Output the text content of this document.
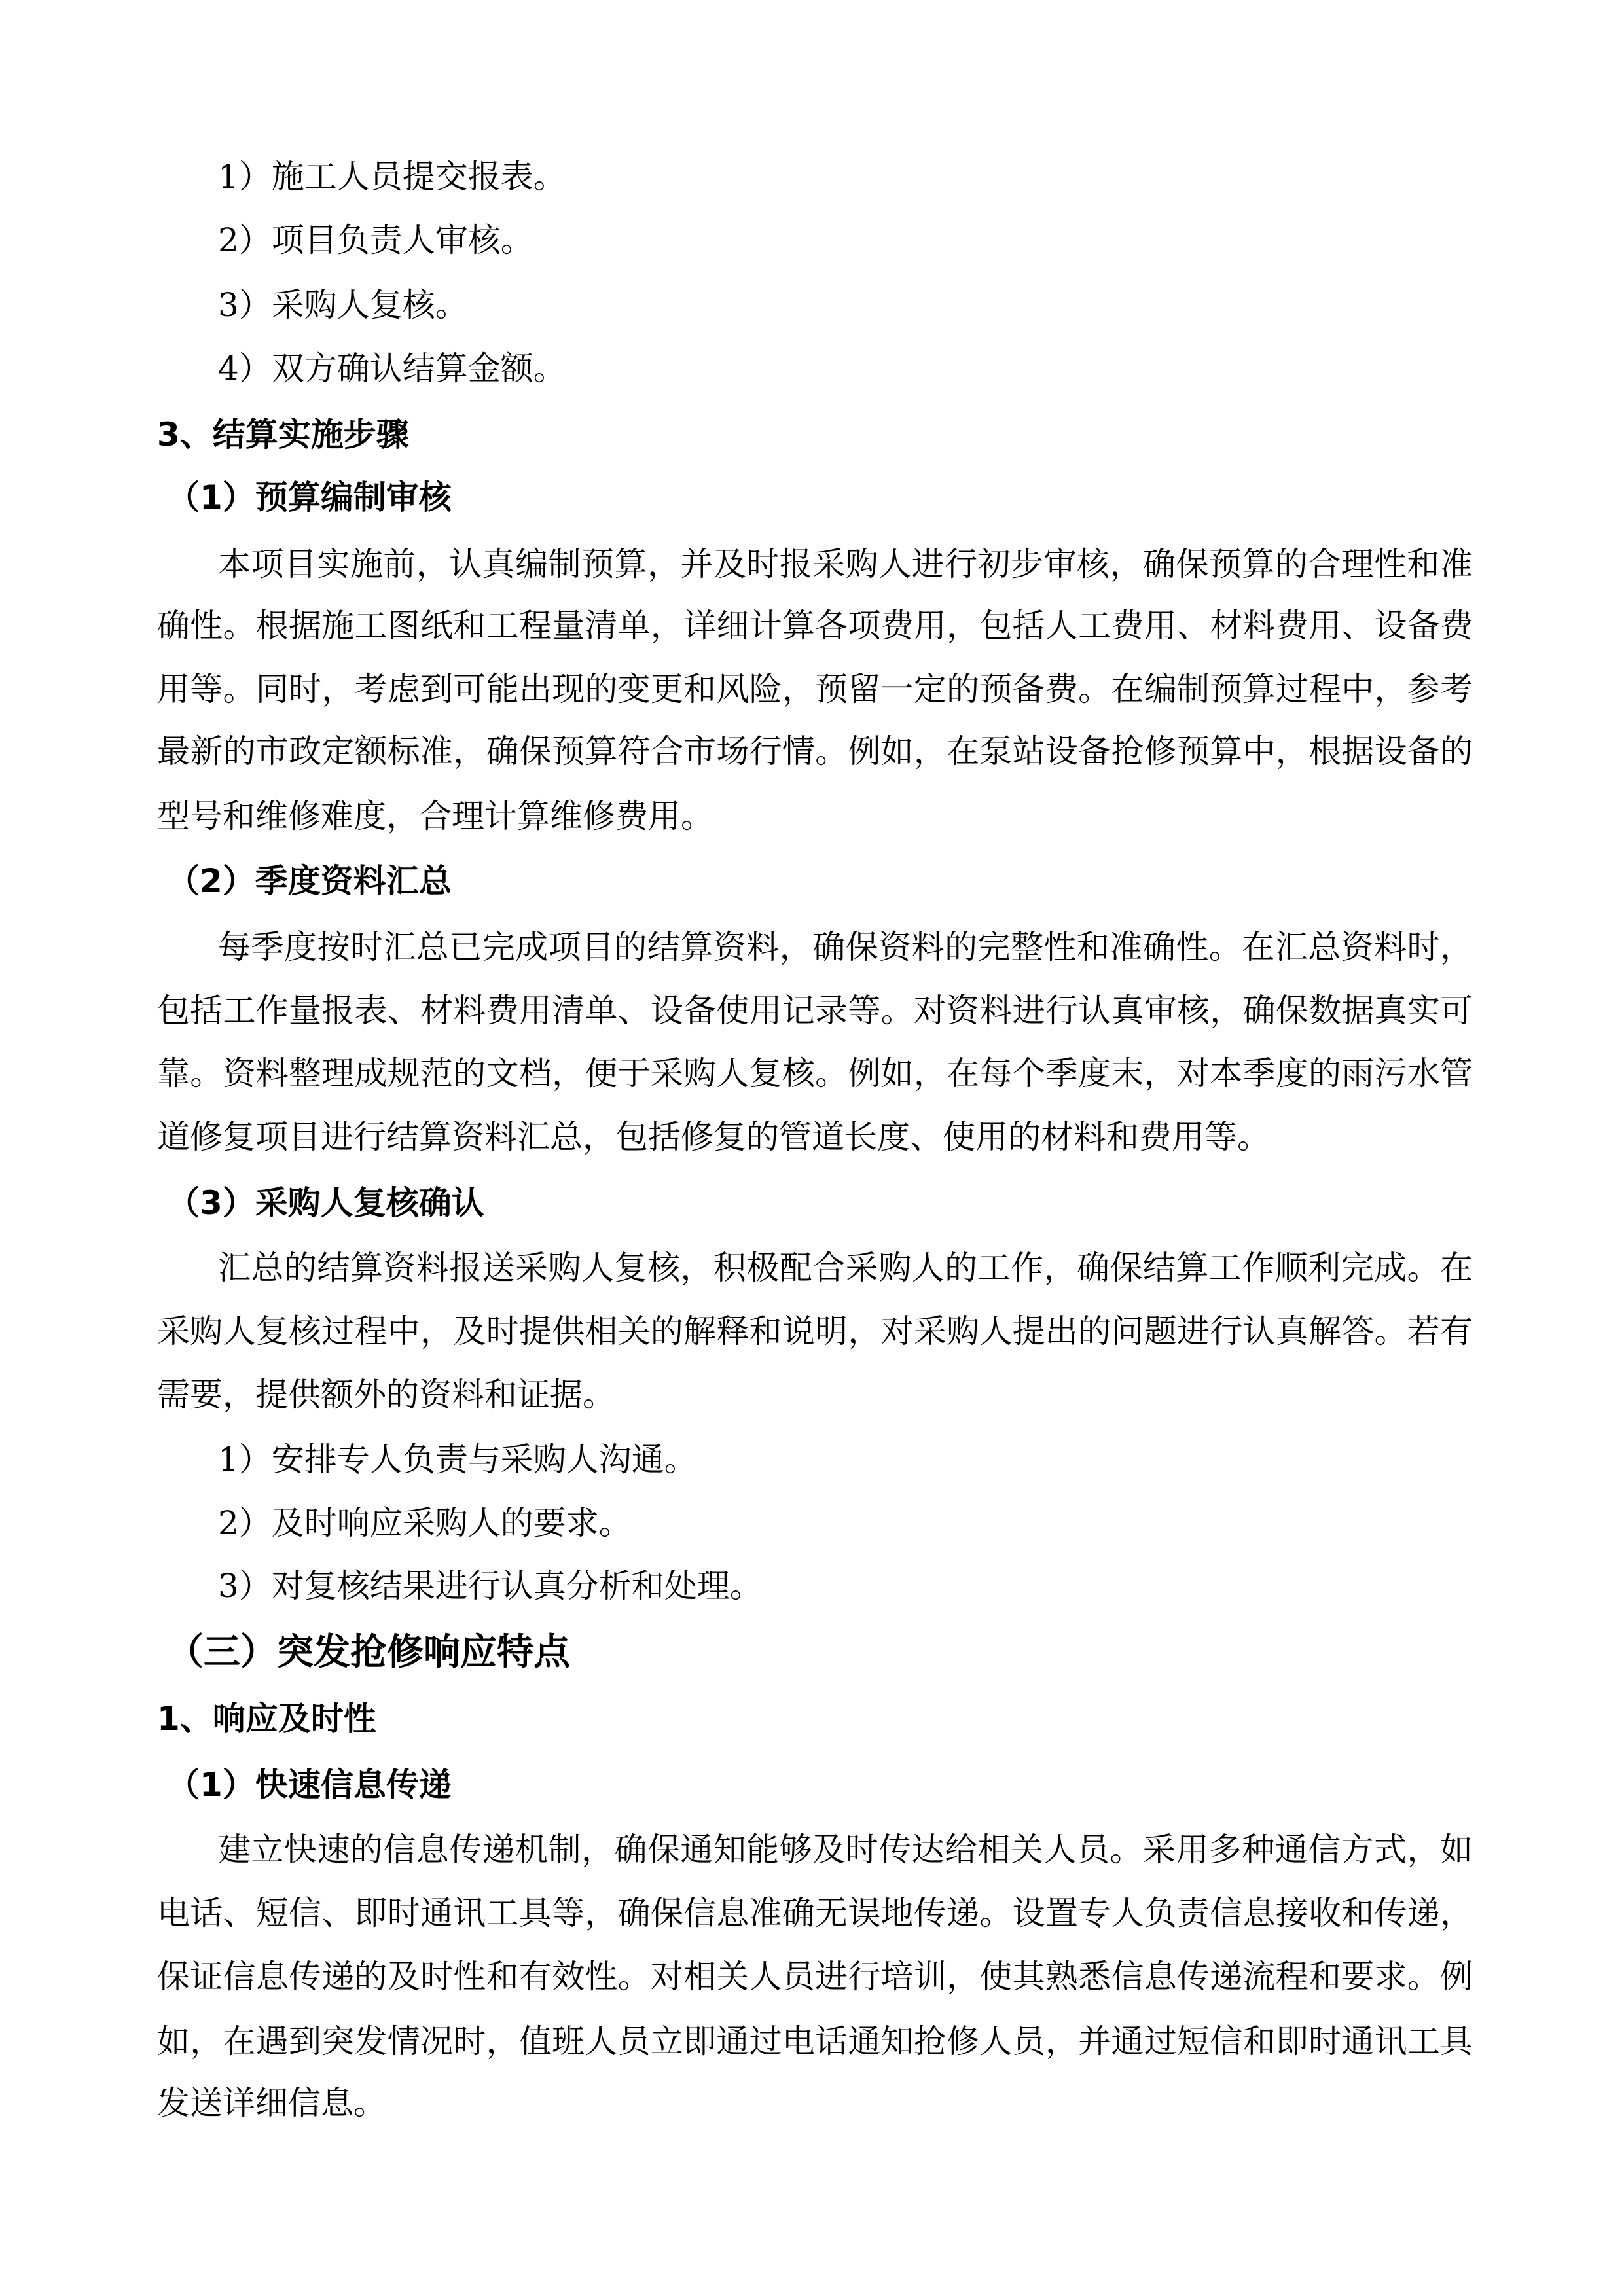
1）施工人员提交报表。
2）项目负责人审核。
3）采购人复核。
4）双方确认结算金额。
3、结算实施步骤
（1）预算编制审核
本项目实施前，认真编制预算，并及时报采购人进行初步审核，确保预算的合理性和准
确性。根据施工图纸和工程量清单，详细计算各项费用，包括人工费用、材料费用、设备费
用等。同时，考虑到可能出现的变更和风险，预留一定的预备费。在编制预算过程中，参考
最新的市政定额标准，确保预算符合市场行情。例如，在泵站设备抢修预算中，根据设备的
型号和维修难度，合理计算维修费用。
（2）季度资料汇总
每季度按时汇总已完成项目的结算资料，确保资料的完整性和准确性。在汇总资料时，
包括工作量报表、材料费用清单、设备使用记录等。对资料进行认真审核，确保数据真实可
靠。资料整理成规范的文档，便于采购人复核。例如，在每个季度末，对本季度的雨污水管
道修复项目进行结算资料汇总，包括修复的管道长度、使用的材料和费用等。
（3）采购人复核确认
汇总的结算资料报送采购人复核，积极配合采购人的工作，确保结算工作顺利完成。在
采购人复核过程中，及时提供相关的解释和说明，对采购人提出的问题进行认真解答。若有
需要，提供额外的资料和证据。
1）安排专人负责与采购人沟通。
2）及时响应采购人的要求。
3）对复核结果进行认真分析和处理。
（三）突发抢修响应特点
1、响应及时性
（1）快速信息传递
建立快速的信息传递机制，确保通知能够及时传达给相关人员。采用多种通信方式，如
电话、短信、即时通讯工具等，确保信息准确无误地传递。设置专人负责信息接收和传递，
保证信息传递的及时性和有效性。对相关人员进行培训，使其熟悉信息传递流程和要求。例
如，在遇到突发情况时，值班人员立即通过电话通知抢修人员，并通过短信和即时通讯工具
发送详细信息。
